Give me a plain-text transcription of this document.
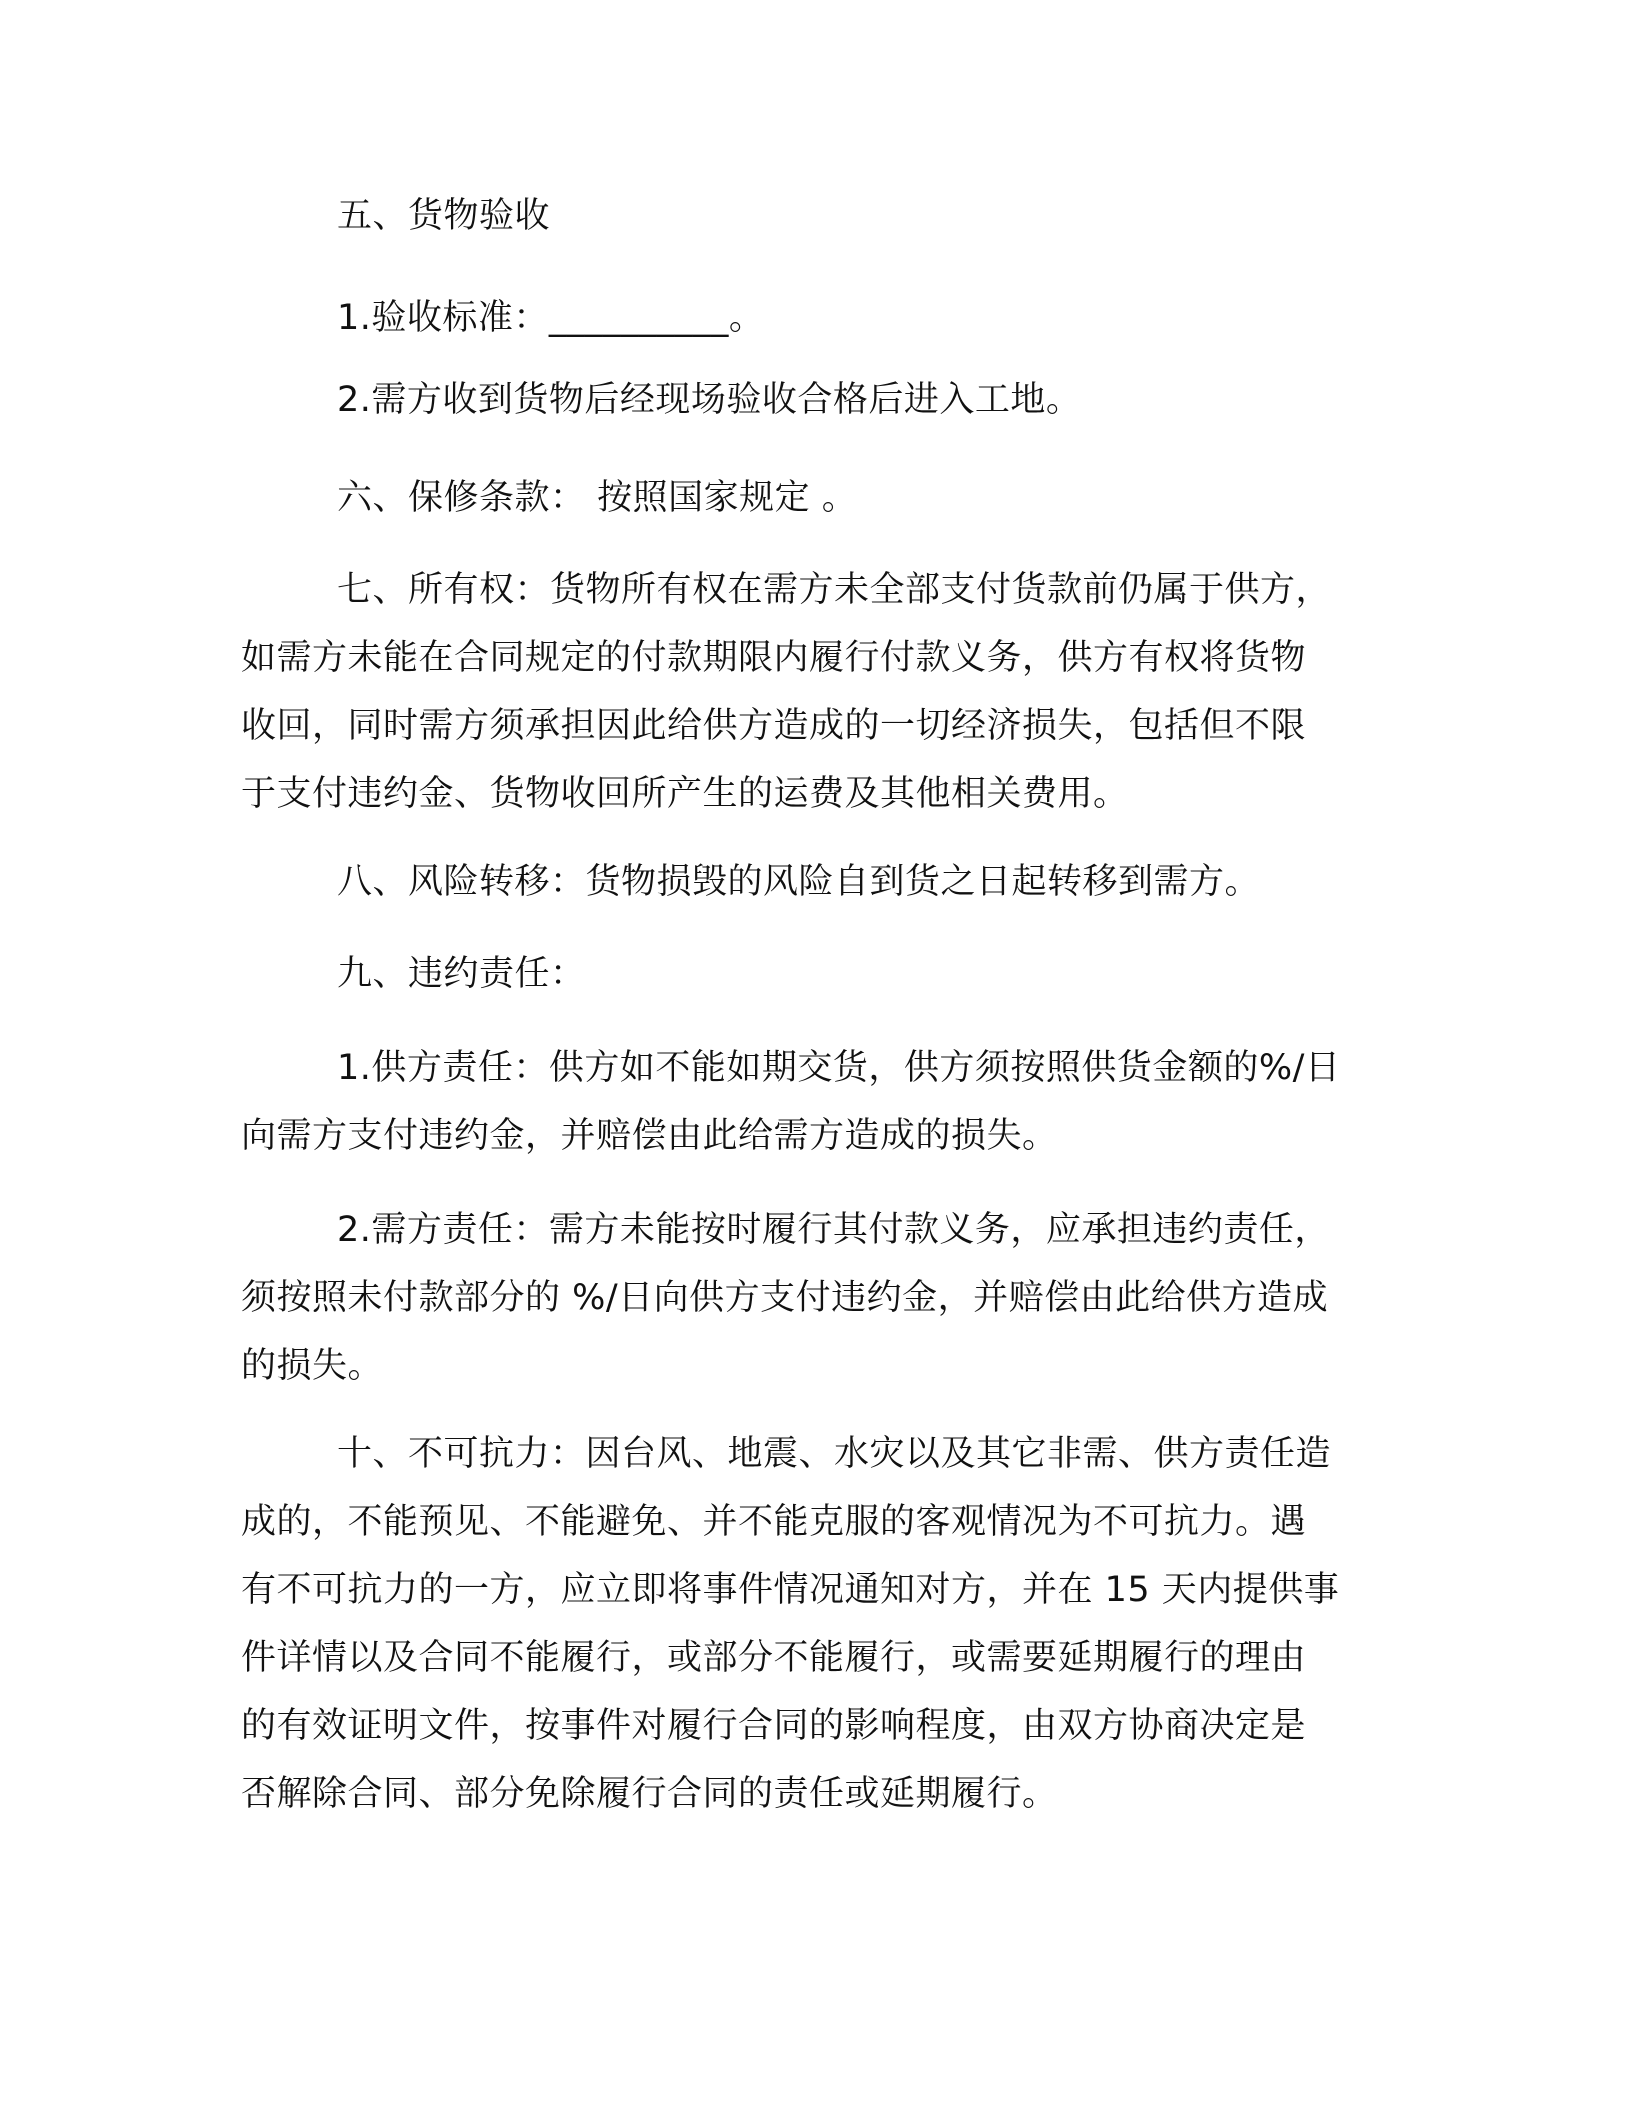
五、货物验收
1.验收标准：__________。
2.需方收到货物后经现场验收合格后进入工地。
六、保修条款： 按照国家规定 。
七、所有权：货物所有权在需方未全部支付货款前仍属于供方，
如需方未能在合同规定的付款期限内履行付款义务，供方有权将货物
收回，同时需方须承担因此给供方造成的一切经济损失，包括但不限
于支付违约金、货物收回所产生的运费及其他相关费用。
八、风险转移：货物损毁的风险自到货之日起转移到需方。
九、违约责任：
1.供方责任：供方如不能如期交货，供方须按照供货金额的%/日
向需方支付违约金，并赔偿由此给需方造成的损失。
2.需方责任：需方未能按时履行其付款义务，应承担违约责任，
须按照未付款部分的 %/日向供方支付违约金，并赔偿由此给供方造成
的损失。
十、不可抗力：因台风、地震、水灾以及其它非需、供方责任造
成的，不能预见、不能避免、并不能克服的客观情况为不可抗力。遇
有不可抗力的一方，应立即将事件情况通知对方，并在 15 天内提供事
件详情以及合同不能履行，或部分不能履行，或需要延期履行的理由
的有效证明文件，按事件对履行合同的影响程度，由双方协商决定是
否解除合同、部分免除履行合同的责任或延期履行。
